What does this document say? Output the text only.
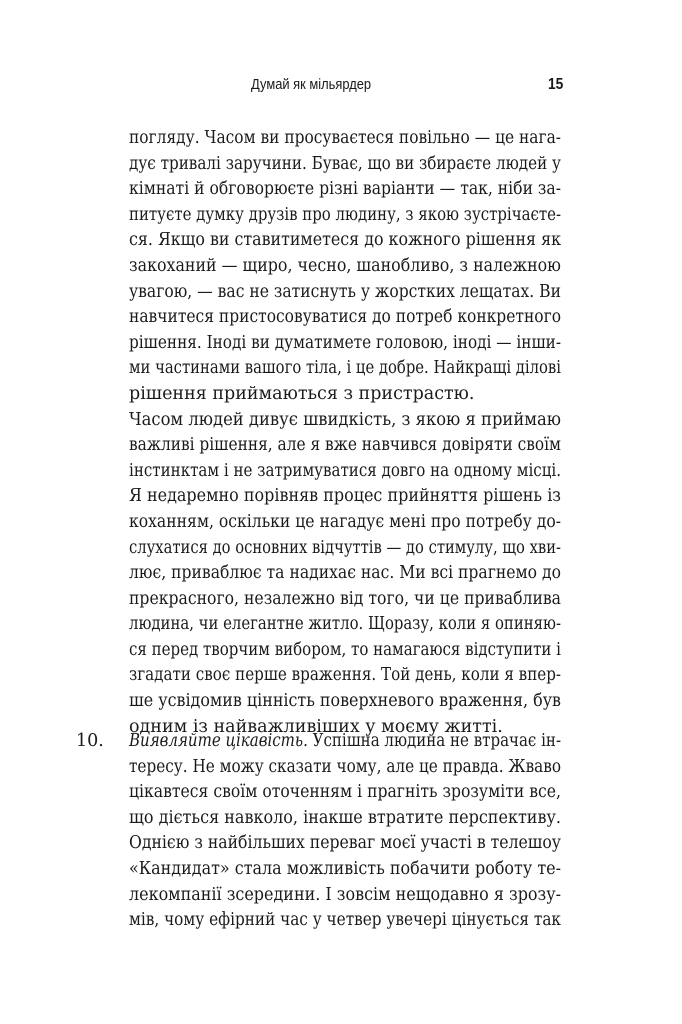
Думай як мільярдер	15
погляду. Часом ви просуваєтеся повільно — це нага-
дує тривалі заручини. Буває, що ви збираєте людей у
кімнаті й обговорюєте різні варіанти — так, ніби за-
питуєте думку друзів про людину, з якою зустрічаєте-
ся. Якщо ви ставитиметеся до кожного рішення як
закоханий — щиро, чесно, шанобливо, з належною
увагою, — вас не затиснуть у жорстких лещатах. Ви
навчитеся пристосовуватися до потреб конкретного
рішення. Іноді ви думатимете головою, іноді — інши-
ми частинами вашого тіла, і це добре. Найкращі ділові
рішення приймаються з пристрастю.
Часом людей дивує швидкість, з якою я приймаю
важливі рішення, але я вже навчився довіряти своїм
інстинктам і не затримуватися довго на одному місці.
Я недаремно порівняв процес прийняття рішень із
коханням, оскільки це нагадує мені про потребу до-
слухатися до основних відчуттів — до стимулу, що хви-
лює, приваблює та надихає нас. Ми всі прагнемо до
прекрасного, незалежно від того, чи це приваблива
людина, чи елегантне житло. Щоразу, коли я опиняю-
ся перед творчим вибором, то намагаюся відступити і
згадати своє перше враження. Той день, коли я впер-
ше усвідомив цінність поверхневого враження, був
одним із найважливіших у моєму житті.
10. Виявляйте цікавість. Успішна людина не втрачає ін-
тересу. Не можу сказати чому, але це правда. Жваво
цікавтеся своїм оточенням і прагніть зрозуміти все,
що діється навколо, інакше втратите перспективу.
Однією з найбільших переваг моєї участі в телешоу
«Кандидат» стала можливість побачити роботу те-
лекомпанії зсередини. І зовсім нещодавно я зрозу-
мів, чому ефірний час у четвер увечері цінується так
